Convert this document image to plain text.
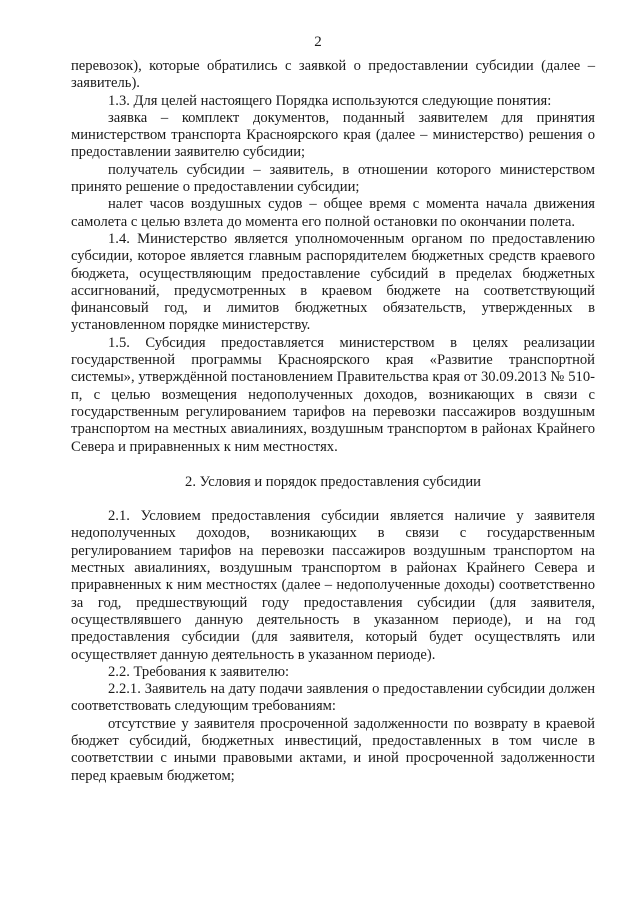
2

перевозок), которые обратились с заявкой о предоставлении субсидии (далее – заявитель).

1.3. Для целей настоящего Порядка используются следующие понятия:

заявка – комплект документов, поданный заявителем для принятия министерством транспорта Красноярского края (далее – министерство) решения о предоставлении заявителю субсидии;

получатель субсидии – заявитель, в отношении которого министерством принято решение о предоставлении субсидии;

налет часов воздушных судов – общее время с момента начала движения самолета с целью взлета до момента его полной остановки по окончании полета.

1.4. Министерство является уполномоченным органом по предоставлению субсидии, которое является главным распорядителем бюджетных средств краевого бюджета, осуществляющим предоставление субсидий в пределах бюджетных ассигнований, предусмотренных в краевом бюджете на соответствующий финансовый год, и лимитов бюджетных обязательств, утвержденных в установленном порядке министерству.

1.5. Субсидия предоставляется министерством в целях реализации государственной программы Красноярского края «Развитие транспортной системы», утверждённой постановлением Правительства края от 30.09.2013 № 510-п, с целью возмещения недополученных доходов, возникающих в связи с государственным регулированием тарифов на перевозки пассажиров воздушным транспортом на местных авиалиниях, воздушным транспортом в районах Крайнего Севера и приравненных к ним местностях.

2. Условия и порядок предоставления субсидии

2.1. Условием предоставления субсидии является наличие у заявителя недополученных доходов, возникающих в связи с государственным регулированием тарифов на перевозки пассажиров воздушным транспортом на местных авиалиниях, воздушным транспортом в районах Крайнего Севера и приравненных к ним местностях (далее – недополученные доходы) соответственно за год, предшествующий году предоставления субсидии (для заявителя, осуществлявшего данную деятельность в указанном периоде), и на год предоставления субсидии (для заявителя, который будет осуществлять или осуществляет данную деятельность в указанном периоде).

2.2. Требования к заявителю:

2.2.1. Заявитель на дату подачи заявления о предоставлении субсидии должен соответствовать следующим требованиям:

отсутствие у заявителя просроченной задолженности по возврату в краевой бюджет субсидий, бюджетных инвестиций, предоставленных в том числе в соответствии с иными правовыми актами, и иной просроченной задолженности перед краевым бюджетом;
